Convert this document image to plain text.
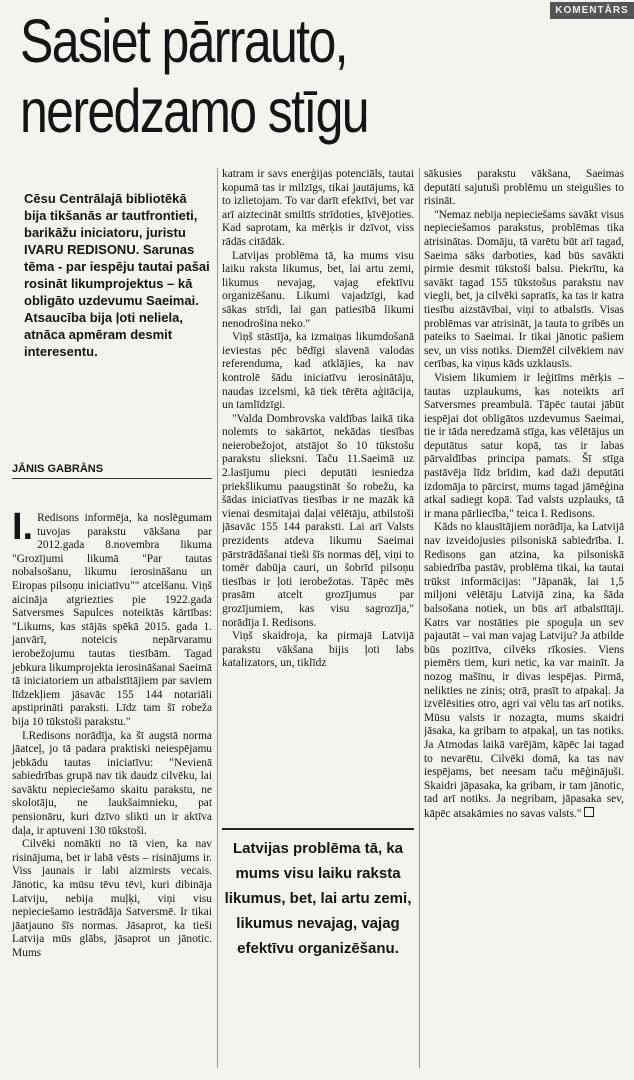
KOMENTĀRS
Sasiet pārrauto,
neredzamo stīgu

Cēsu Centrālajā bibliotēkā bija tikšanās ar tautfrontieti, barikāžu iniciatoru, juristu IVARU REDISONU. Sarunas tēma - par iespēju tautai pašai rosināt likumprojektus – kā obligāto uzdevumu Saeimai. Atsaucība bija ļoti neliela, atnāca apmēram desmit interesentu.

JĀNIS GABRĀNS

I. Redisons informēja, ka noslēgumam tuvojas parakstu vākšana par 2012.gada 8.novembra likuma "Grozījumi likumā "Par tautas nobalsošanu, likumu ierosināšanu un Eiropas pilsoņu iniciatīvu"" atcelšanu. Viņš aicināja atgriezties pie 1922.gada Satversmes Sapulces noteiktās kārtības: "Likums, kas stājās spēkā 2015. gada 1. janvārī, noteicis nepārvaramu ierobežojumu tautas tiesībām. Tagad jebkura likumprojekta ierosināšanai Saeimā tā iniciatoriem un atbalstītājiem par saviem līdzekļiem jāsavāc 155 144 notariāli apstiprināti paraksti. Līdz tam šī robeža bija 10 tūkstoši parakstu."

I.Redisons norādīja, ka šī augstā norma jāatceļ, jo tā padara praktiski neiespējamu jebkādu tautas iniciatīvu: "Nevienā sabiedrības grupā nav tik daudz cilvēku, lai savāktu nepieciešamo skaitu parakstu, ne skolotāju, ne laukšaimnieku, pat pensionāru, kuri dzīvo slikti un ir aktīva daļa, ir aptuveni 130 tūkstoši.

Cilvēki nomākti no tā vien, ka nav risinājuma, bet ir labā vēsts – risinājums ir. Viss jaunais ir labi aizmirsts vecais. Jānotic, ka mūsu tēvu tēvi, kuri dibināja Latviju, nebija muļķi, viņi visu nepieciešamo iestrādāja Satversmē. Ir tikai jāatjauno šīs normas. Jāsaprot, ka tieši Latvija mūs glābs, jāsaprot un jānotic. Mums

katram ir savs enerģijas potenciāls, tautai kopumā tas ir milzīgs, tikai jautājums, kā to izlietojam. To var darīt efektīvi, bet var arī aiztecināt smiltīs strīdoties, ķīvējoties. Kad saprotam, ka mērķis ir dzīvot, viss rādās citādāk.

Latvijas problēma tā, ka mums visu laiku raksta likumus, bet, lai artu zemi, likumus nevajag, vajag efektīvu organizēšanu. Likumi vajadzīgi, kad sākas strīdi, lai gan patiesībā likumi nenodrošina neko."

Viņš stāstīja, ka izmaiņas likumdošanā ieviestas pēc bēdīgi slavenā valodas referenduma, kad atklājies, ka nav kontrolē šādu iniciatīvu ierosinātāju, naudas izcelsmi, kā tiek tērēta aģitācija, un tamlīdzīgi.

"Valda Dombrovska valdības laikā tika nolemts to sakārtot, nekādas tiesības neierobežojot, atstājot šo 10 tūkstošu parakstu slieksni. Taču 11.Saeimā uz 2.lasījumu pieci deputāti iesniedza priekšlikumu paaugstināt šo robežu, ka šādas iniciatīvas tiesības ir ne mazāk kā vienai desmitajai daļai vēlētāju, atbilstoši jāsavāc 155 144 paraksti. Lai arī Valsts prezidents atdeva likumu Saeimai pārstrādāšanai tieši šīs normas dēļ, viņi to tomēr dabūja cauri, un šobrīd pilsoņu tiesības ir ļoti ierobežotas. Tāpēc mēs prasām atcelt grozījumus par grozījumiem, kas visu sagrozīja," norādīja I. Redisons.

Viņš skaidroja, ka pirmajā Latvijā parakstu vākšana bijis ļoti labs katalizators, un, tiklīdz

Latvijas problēma tā, ka mums visu laiku raksta likumus, bet, lai artu zemi, likumus nevajag, vajag efektīvu organizēšanu.

sākusies parakstu vākšana, Saeimas deputāti sajutuši problēmu un steigušies to risināt.

"Nemaz nebija nepieciešams savākt visus nepieciešamos parakstus, problēmas tika atrisinātas. Domāju, tā varētu būt arī tagad, Saeima sāks darboties, kad būs savākti pirmie desmit tūkstoši balsu. Piekrītu, ka savākt tagad 155 tūkstošus parakstu nav viegli, bet, ja cilvēki sapratīs, ka tas ir katra tiesību aizstāvībai, viņi to atbalstīs. Visas problēmas var atrisināt, ja tauta to gribēs un pateiks to Saeimai. Ir tikai jānotic pašiem sev, un viss notiks. Diemžēl cilvēkiem nav cerības, ka viņus kāds uzklausīs.

Visiem likumiem ir leģitīms mērķis – tautas uzplaukums, kas noteikts arī Satversmes preambulā. Tāpēc tautai jābūt iespējai dot obligātos uzdevumus Saeimai, tie ir tāda neredzamā stīga, kas vēlētājus un deputātus satur kopā, tas ir labas pārvaldības principa pamats. Šī stīga pastāvēja līdz brīdim, kad daži deputāti izdomāja to pārcirst, mums tagad jāmēģina atkal sadiegt kopā. Tad valsts uzplauks, tā ir mana pārliecība," teica I. Redisons.

Kāds no klausītājiem norādīja, ka Latvijā nav izveidojusies pilsoniskā sabiedrība. I. Redisons gan atzina, ka pilsoniskā sabiedrība pastāv, problēma tikai, ka tautai trūkst informācijas: "Jāpanāk, lai 1,5 miljoni vēlētāju Latvijā zina, ka šāda balsošana notiek, un būs arī atbalstītāji. Katrs var nostāties pie spoguļa un sev pajautāt – vai man vajag Latviju? Ja atbilde būs pozitīva, cilvēks rīkosies. Viens piemērs tiem, kuri netic, ka var mainīt. Ja nozog mašīnu, ir divas iespējas. Pirmā, nelikties ne zinis; otrā, prasīt to atpakaļ. Ja izvēlēsities otro, agri vai vēlu tas arī notiks. Mūsu valsts ir nozagta, mums skaidri jāsaka, ka gribam to atpakaļ, un tas notiks. Ja Atmodas laikā varējām, kāpēc lai tagad to nevarētu. Cilvēki domā, ka tas nav iespējams, bet neesam taču mēģinājuši. Skaidri jāpasaka, ka gribam, ir tam jānotic, tad arī notiks. Ja negribam, jāpasaka sev, kāpēc atsakāmies no savas valsts."
